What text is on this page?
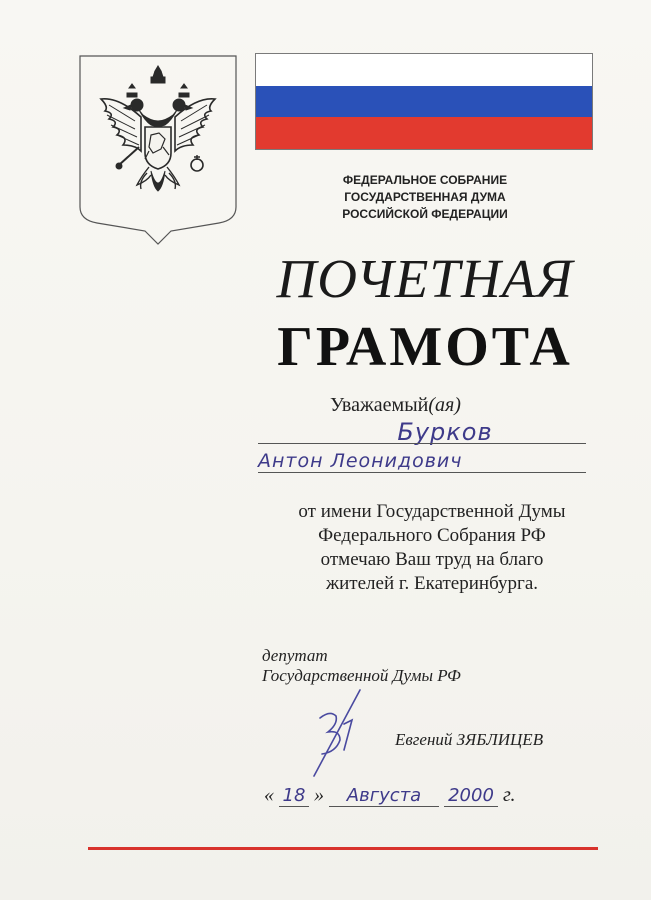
ФЕДЕРАЛЬНОЕ СОБРАНИЕ
ГОСУДАРСТВЕННАЯ ДУМА
РОССИЙСКОЙ ФЕДЕРАЦИИ
ПОЧЕТНАЯ
ГРАМОТА
Уважаемый(ая)
Бурков
Антон Леонидович
от имени Государственной Думы
Федерального Собрания РФ
отмечаю Ваш труд на благо
жителей г. Екатеринбурга.
депутат
Государственной Думы РФ
Евгений ЗЯБЛИЦЕВ
« 18 » Августа 2000 г.
